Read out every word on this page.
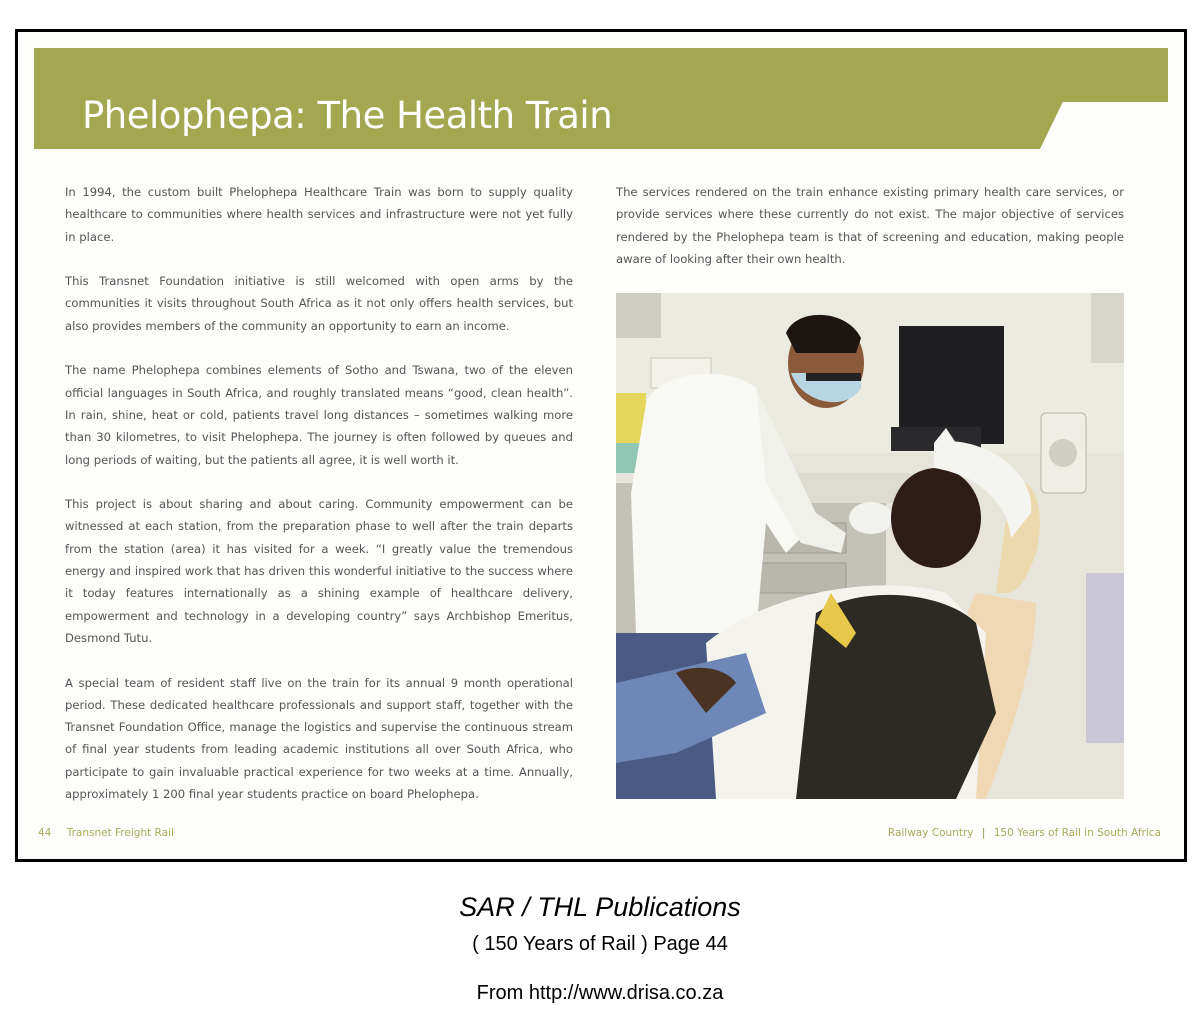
Phelophepa: The Health Train

In 1994, the custom built Phelophepa Healthcare Train was born to supply quality healthcare to communities where health services and infrastructure were not yet fully in place.

This Transnet Foundation initiative is still welcomed with open arms by the communities it visits throughout South Africa as it not only offers health services, but also provides members of the community an opportunity to earn an income.

The name Phelophepa combines elements of Sotho and Tswana, two of the eleven official languages in South Africa, and roughly translated means “good, clean health”. In rain, shine, heat or cold, patients travel long distances – sometimes walking more than 30 kilometres, to visit Phelophepa. The journey is often followed by queues and long periods of waiting, but the patients all agree, it is well worth it.

This project is about sharing and about caring. Community empowerment can be witnessed at each station, from the preparation phase to well after the train departs from the station (area) it has visited for a week. “I greatly value the tremendous energy and inspired work that has driven this wonderful initiative to the success where it today features internationally as a shining example of healthcare delivery, empowerment and technology in a developing country” says Archbishop Emeritus, Desmond Tutu.

A special team of resident staff live on the train for its annual 9 month operational period. These dedicated healthcare professionals and support staff, together with the Transnet Foundation Office, manage the logistics and supervise the continuous stream of final year students from leading academic institutions all over South Africa, who participate to gain invaluable practical experience for two weeks at a time. Annually, approximately 1 200 final year students practice on board Phelophepa.

The services rendered on the train enhance existing primary health care services, or provide services where these currently do not exist. The major objective of services rendered by the Phelophepa team is that of screening and education, making people aware of looking after their own health.

44 Transnet Freight Rail	Railway Country | 150 Years of Rail in South Africa
SAR / THL Publications
( 150 Years of Rail ) Page 44
From http://www.drisa.co.za
